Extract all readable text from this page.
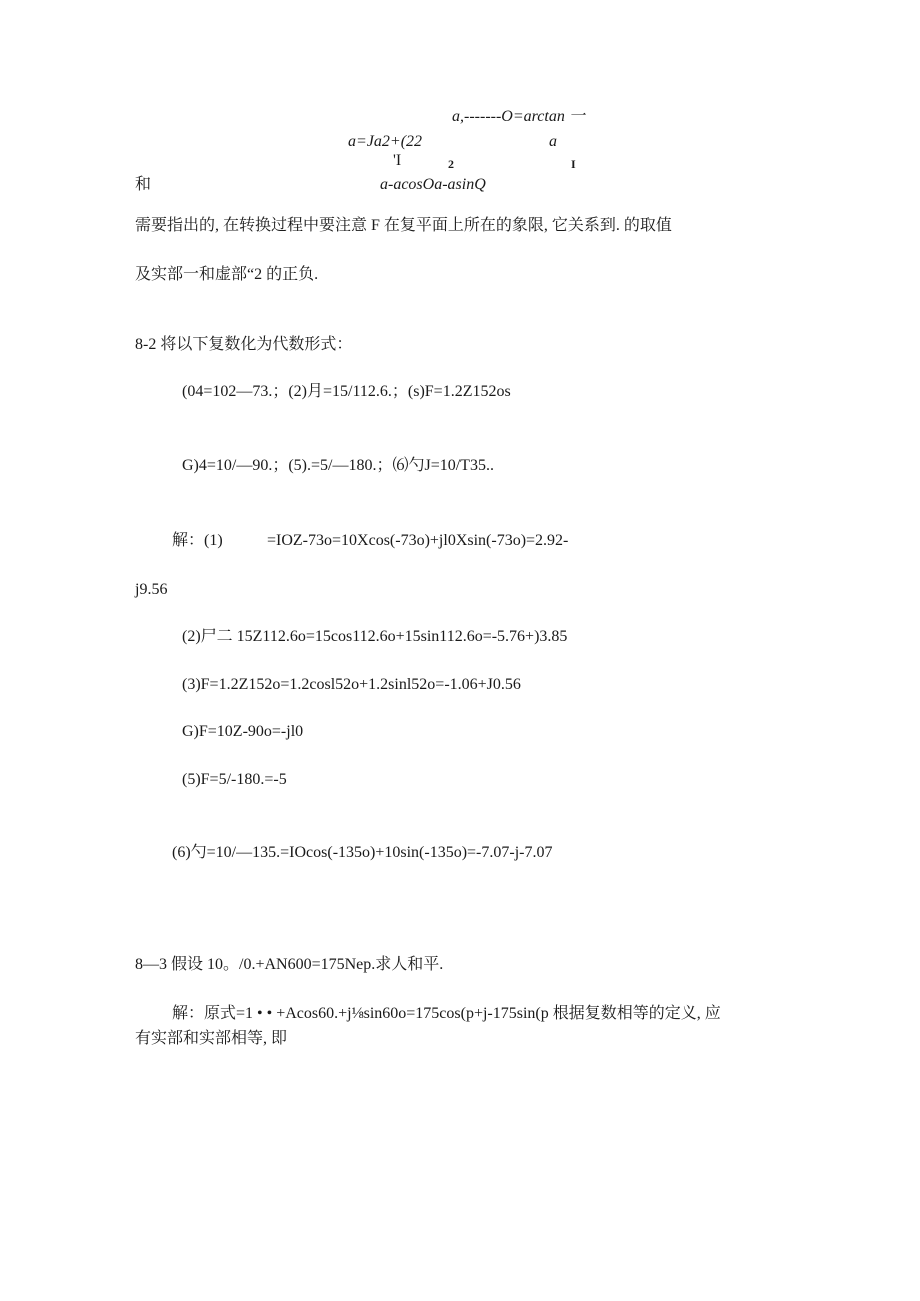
a,-------O=arctan 一
a=Ja2+(22	a
'I	2	I
和	a-acosOa-asinQ
需要指出的, 在转换过程中要注意 F 在复平面上所在的象限, 它关系到. 的取值
及实部一和虚部“2 的正负.
8-2 将以下复数化为代数形式：
(04=102—73.；(2)月=15/112.6.；(s)F=1.2Z152os
G)4=10/—90.；(5).=5/—180.；⑹勺J=10/T35..
解：(1)	=IOZ-73o=10Xcos(-73o)+jl0Xsin(-73o)=2.92-
j9.56
(2)尸二 15Z112.6o=15cos112.6o+15sin112.6o=-5.76+)3.85
(3)F=1.2Z152o=1.2cosl52o+1.2sinl52o=-1.06+J0.56
G)F=10Z-90o=-jl0
(5)F=5/-180.=-5
(6)勺=10/—135.=IOcos(-135o)+10sin(-135o)=-7.07-j-7.07
8—3 假设 10。/0.+AN600=175Nep.求人和平.
解：原式=1 • • +Acos60.+j⅛sin60o=175cos(p+j-175sin(p 根据复数相等的定义, 应
有实部和实部相等, 即
